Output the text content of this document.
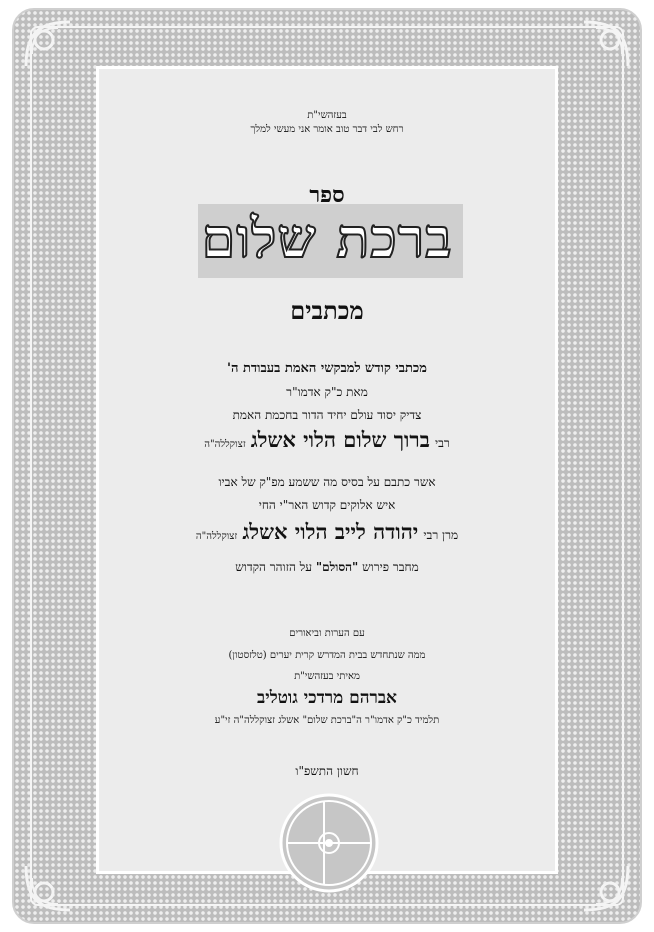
בעזהשי"ת
רחש לבי דבר טוב אומר אני מעשי למלך
ספר
ברכת שלום
מכתבים
מכתבי קודש למבקשי האמת בעבודת ה'
מאת כ"ק אדמו"ר
צדיק יסוד עולם יחיד הדור בחכמת האמת
רבי ברוך שלום הלוי אשלג זצוקללה"ה
אשר כתבם על בסיס מה ששמע מפ"ק של אביו
איש אלוקים קדוש האר"י החי
מרן רבי יהודה לייב הלוי אשלג זצוקללה"ה
מחבר פירוש "הסולם" על הזוהר הקדוש
עם הערות וביאורים
ממה שנתחדש בבית המדרש קרית יערים (טלזסטון)
מאיתי בעזהשי"ת
אברהם מרדכי גוטליב
תלמיד כ"ק אדמו"ר ה"ברכת שלום" אשלג זצוקללה"ה זי"ע
חשון התשפ"ו
